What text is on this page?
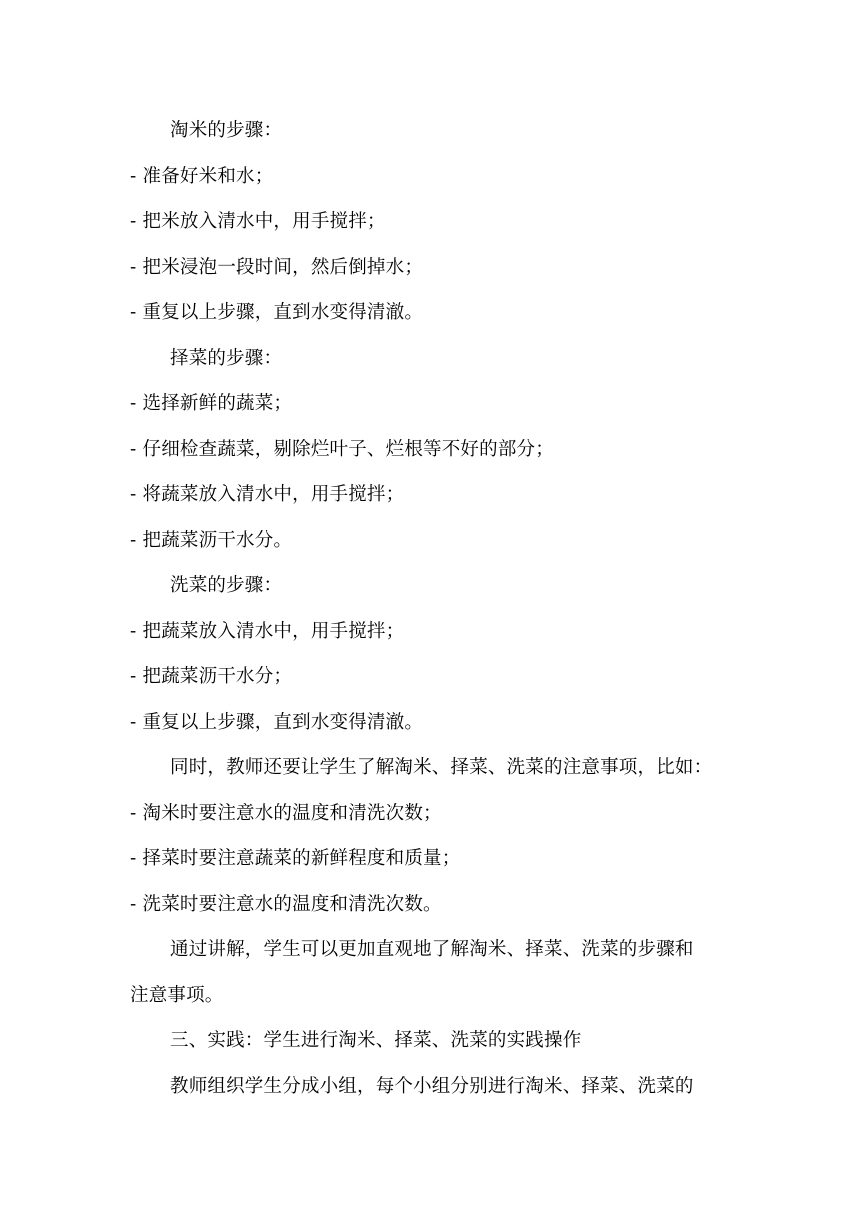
淘米的步骤：
- 准备好米和水；
- 把米放入清水中，用手搅拌；
- 把米浸泡一段时间，然后倒掉水；
- 重复以上步骤，直到水变得清澈。
择菜的步骤：
- 选择新鲜的蔬菜；
- 仔细检查蔬菜，剔除烂叶子、烂根等不好的部分；
- 将蔬菜放入清水中，用手搅拌；
- 把蔬菜沥干水分。
洗菜的步骤：
- 把蔬菜放入清水中，用手搅拌；
- 把蔬菜沥干水分；
- 重复以上步骤，直到水变得清澈。
同时，教师还要让学生了解淘米、择菜、洗菜的注意事项，比如：
- 淘米时要注意水的温度和清洗次数；
- 择菜时要注意蔬菜的新鲜程度和质量；
- 洗菜时要注意水的温度和清洗次数。
通过讲解，学生可以更加直观地了解淘米、择菜、洗菜的步骤和
注意事项。
三、实践：学生进行淘米、择菜、洗菜的实践操作
教师组织学生分成小组，每个小组分别进行淘米、择菜、洗菜的
